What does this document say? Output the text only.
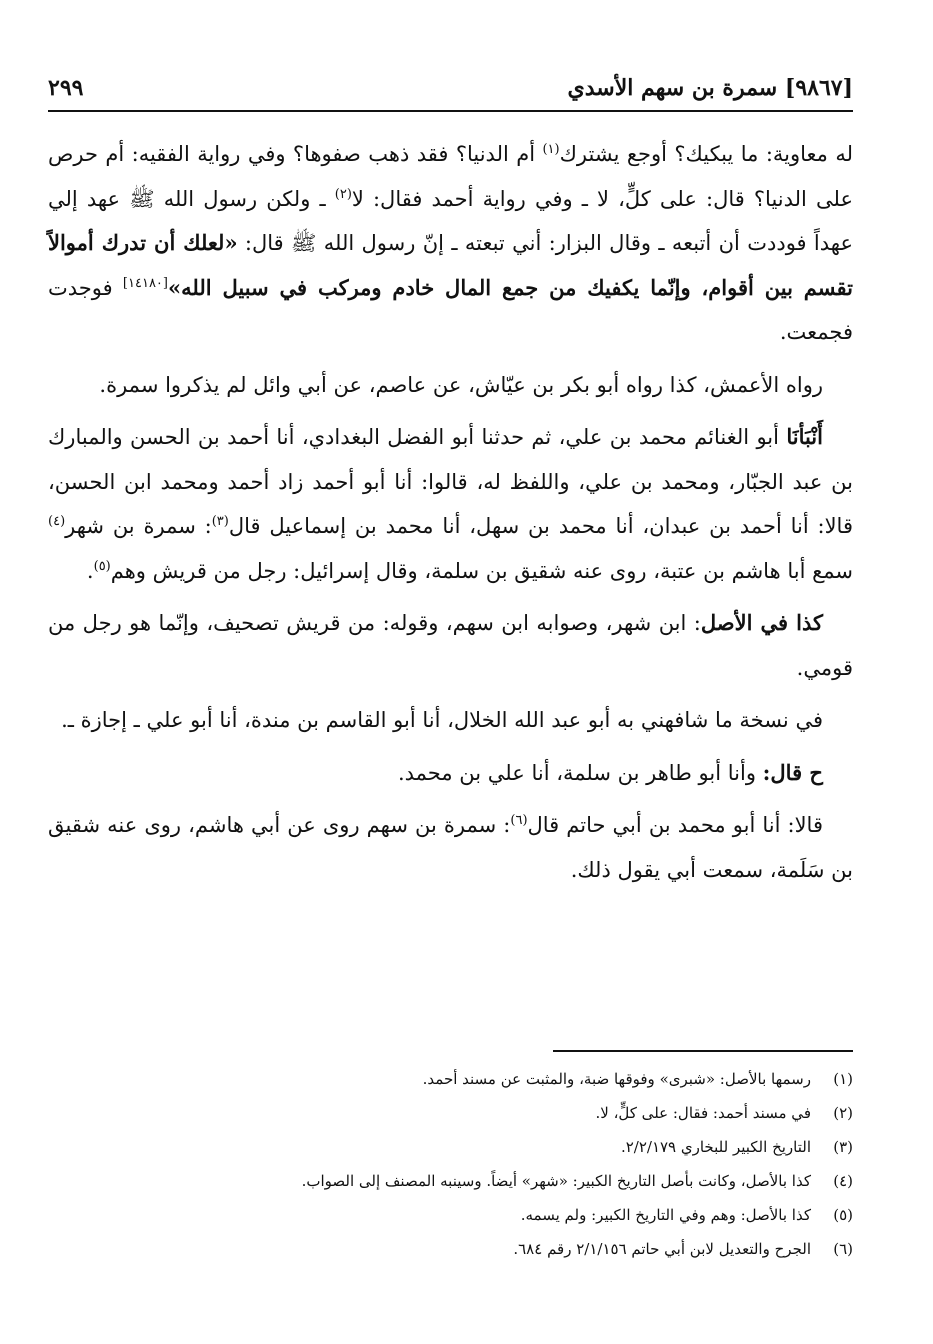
[٩٨٦٧] سمرة بن سهم الأسدي
٢٩٩

له معاوية: ما يبكيك؟ أوجع يشترك$^{(١)}$ أم الدنيا؟ فقد ذهب صفوها؟ وفي رواية الفقيه: أم حرص على الدنيا؟ قال: على كلٍّ، لا ـ وفي رواية أحمد فقال: لا$^{(٢)}$ ـ ولكن رسول الله ﷺ عهد إلي عهداً فوددت أن أتبعه ـ وقال البزار: أني تبعته ـ إنّ رسول الله ﷺ قال: «لعلك أن تدرك أموالاً تقسم بين أقوام، وإنّما يكفيك من جمع المال خادم ومركب في سبيل الله»[١٤١٨٠] فوجدت فجمعت.

رواه الأعمش، كذا رواه أبو بكر بن عيّاش، عن عاصم، عن أبي وائل لم يذكروا سمرة.

أَنْبَأنَا أبو الغنائم محمد بن علي، ثم حدثنا أبو الفضل البغدادي، أنا أحمد بن الحسن والمبارك بن عبد الجبّار، ومحمد بن علي، واللفظ له، قالوا: أنا أبو أحمد زاد أحمد ومحمد ابن الحسن، قالا: أنا أحمد بن عبدان، أنا محمد بن سهل، أنا محمد بن إسماعيل قال$^{(٣)}$: سمرة بن شهر$^{(٤)}$ سمع أبا هاشم بن عتبة، روى عنه شقيق بن سلمة، وقال إسرائيل: رجل من قريش وهم$^{(٥)}$.

كذا في الأصل: ابن شهر، وصوابه ابن سهم، وقوله: من قريش تصحيف، وإنّما هو رجل من قومي.

في نسخة ما شافهني به أبو عبد الله الخلال، أنا أبو القاسم بن مندة، أنا أبو علي ـ إجازة ـ.

ح قال: وأنا أبو طاهر بن سلمة، أنا علي بن محمد.

قالا: أنا أبو محمد بن أبي حاتم قال$^{(٦)}$: سمرة بن سهم روى عن أبي هاشم، روى عنه شقيق بن سَلَمة، سمعت أبي يقول ذلك.

(١)رسمها بالأصل: «شبرى» وفوقها ضبة، والمثبت عن مسند أحمد.
(٢)في مسند أحمد: فقال: على كلٍّ، لا.
(٣)التاريخ الكبير للبخاري ٢/٢/١٧٩.
(٤)كذا بالأصل، وكانت بأصل التاريخ الكبير: «شهر» أيضاً. وسينبه المصنف إلى الصواب.
(٥)كذا بالأصل: وهم وفي التاريخ الكبير: ولم يسمه.
(٦)الجرح والتعديل لابن أبي حاتم ٢/١/١٥٦ رقم ٦٨٤.
